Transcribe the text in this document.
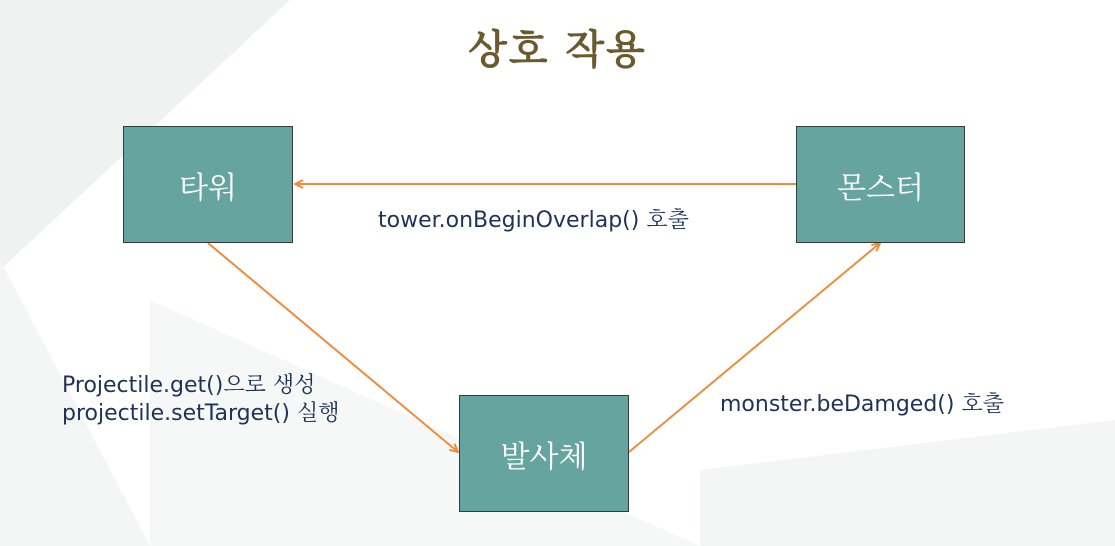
상호 작용
타워	몬스터
발사체
tower.onBeginOverlap() 호출
Projectile.get()으로 생성
projectile.setTarget() 실행	monster.beDamged() 호출
